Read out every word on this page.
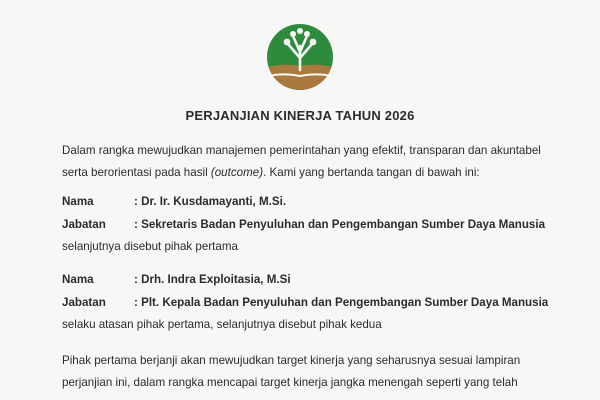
PERJANJIAN KINERJA TAHUN 2026
Dalam rangka mewujudkan manajemen pemerintahan yang efektif, transparan dan akuntabel
serta berorientasi pada hasil (outcome). Kami yang bertanda tangan di bawah ini:
Nama	: Dr. Ir. Kusdamayanti, M.Si.
Jabatan : Sekretaris Badan Penyuluhan dan Pengembangan Sumber Daya Manusia
selanjutnya disebut pihak pertama
Nama	: Drh. Indra Exploitasia, M.Si
Jabatan : Plt. Kepala Badan Penyuluhan dan Pengembangan Sumber Daya Manusia
selaku atasan pihak pertama, selanjutnya disebut pihak kedua
Pihak pertama berjanji akan mewujudkan target kinerja yang seharusnya sesuai lampiran
perjanjian ini, dalam rangka mencapai target kinerja jangka menengah seperti yang telah
